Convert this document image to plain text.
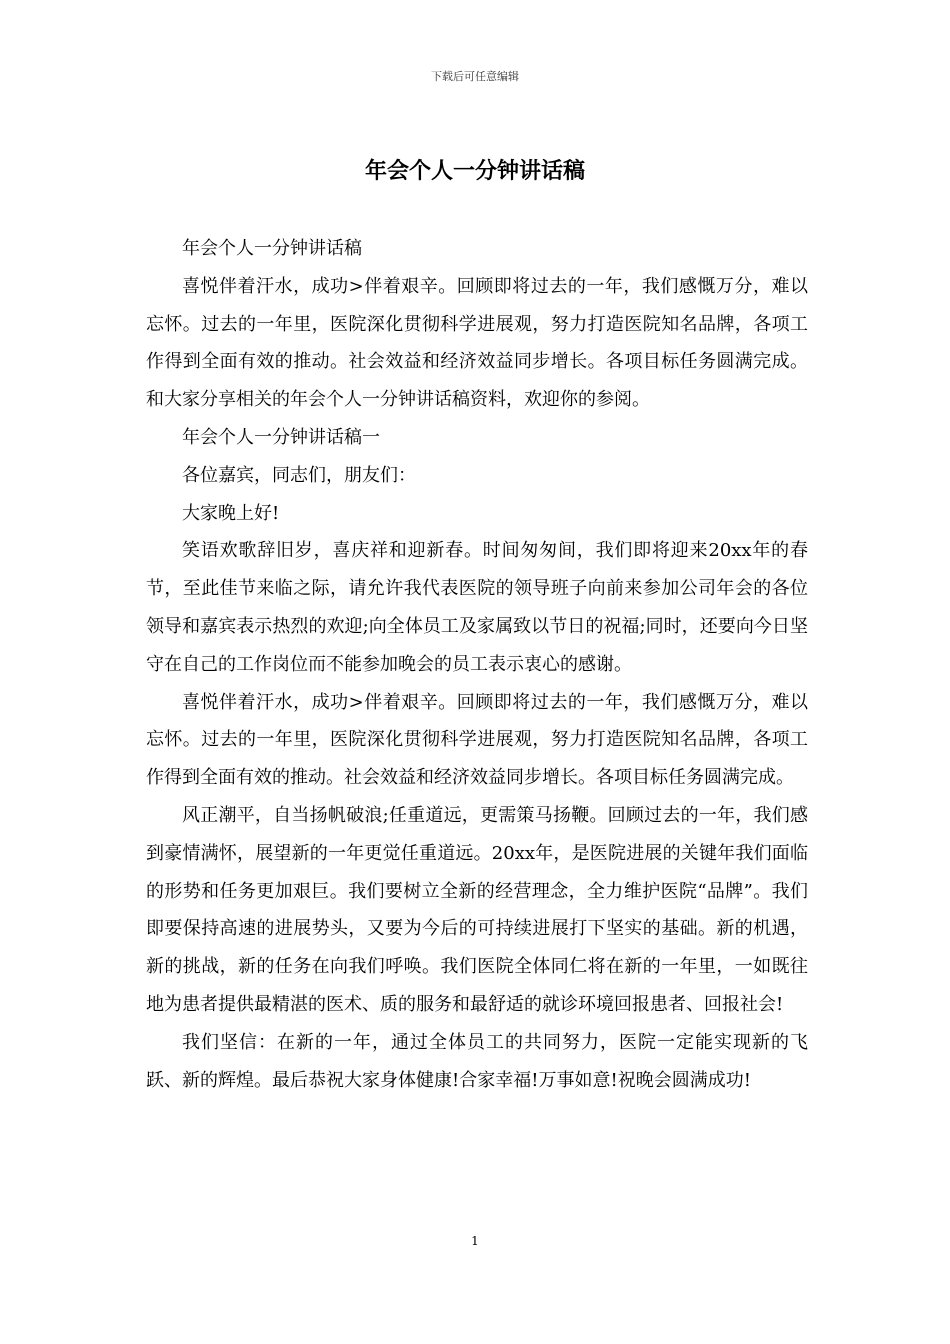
下载后可任意编辑
年会个人一分钟讲话稿

年会个人一分钟讲话稿

喜悦伴着汗水，成功>伴着艰辛。回顾即将过去的一年，我们感慨万分，难以忘怀。过去的一年里，医院深化贯彻科学进展观，努力打造医院知名品牌，各项工作得到全面有效的推动。社会效益和经济效益同步增长。各项目标任务圆满完成。和大家分享相关的年会个人一分钟讲话稿资料，欢迎你的参阅。

年会个人一分钟讲话稿一

各位嘉宾，同志们，朋友们：

大家晚上好!

笑语欢歌辞旧岁，喜庆祥和迎新春。时间匆匆间，我们即将迎来20xx年的春节，至此佳节来临之际，请允许我代表医院的领导班子向前来参加公司年会的各位领导和嘉宾表示热烈的欢迎;向全体员工及家属致以节日的祝福;同时，还要向今日坚守在自己的工作岗位而不能参加晚会的员工表示衷心的感谢。

喜悦伴着汗水，成功>伴着艰辛。回顾即将过去的一年，我们感慨万分，难以忘怀。过去的一年里，医院深化贯彻科学进展观，努力打造医院知名品牌，各项工作得到全面有效的推动。社会效益和经济效益同步增长。各项目标任务圆满完成。

风正潮平，自当扬帆破浪;任重道远，更需策马扬鞭。回顾过去的一年，我们感到豪情满怀，展望新的一年更觉任重道远。20xx年，是医院进展的关键年我们面临的形势和任务更加艰巨。我们要树立全新的经营理念，全力维护医院“品牌”。我们即要保持高速的进展势头，又要为今后的可持续进展打下坚实的基础。新的机遇，新的挑战，新的任务在向我们呼唤。我们医院全体同仁将在新的一年里，一如既往地为患者提供最精湛的医术、质的服务和最舒适的就诊环境回报患者、回报社会!

我们坚信：在新的一年，通过全体员工的共同努力，医院一定能实现新的飞跃、新的辉煌。最后恭祝大家身体健康!合家幸福!万事如意!祝晚会圆满成功!

1
